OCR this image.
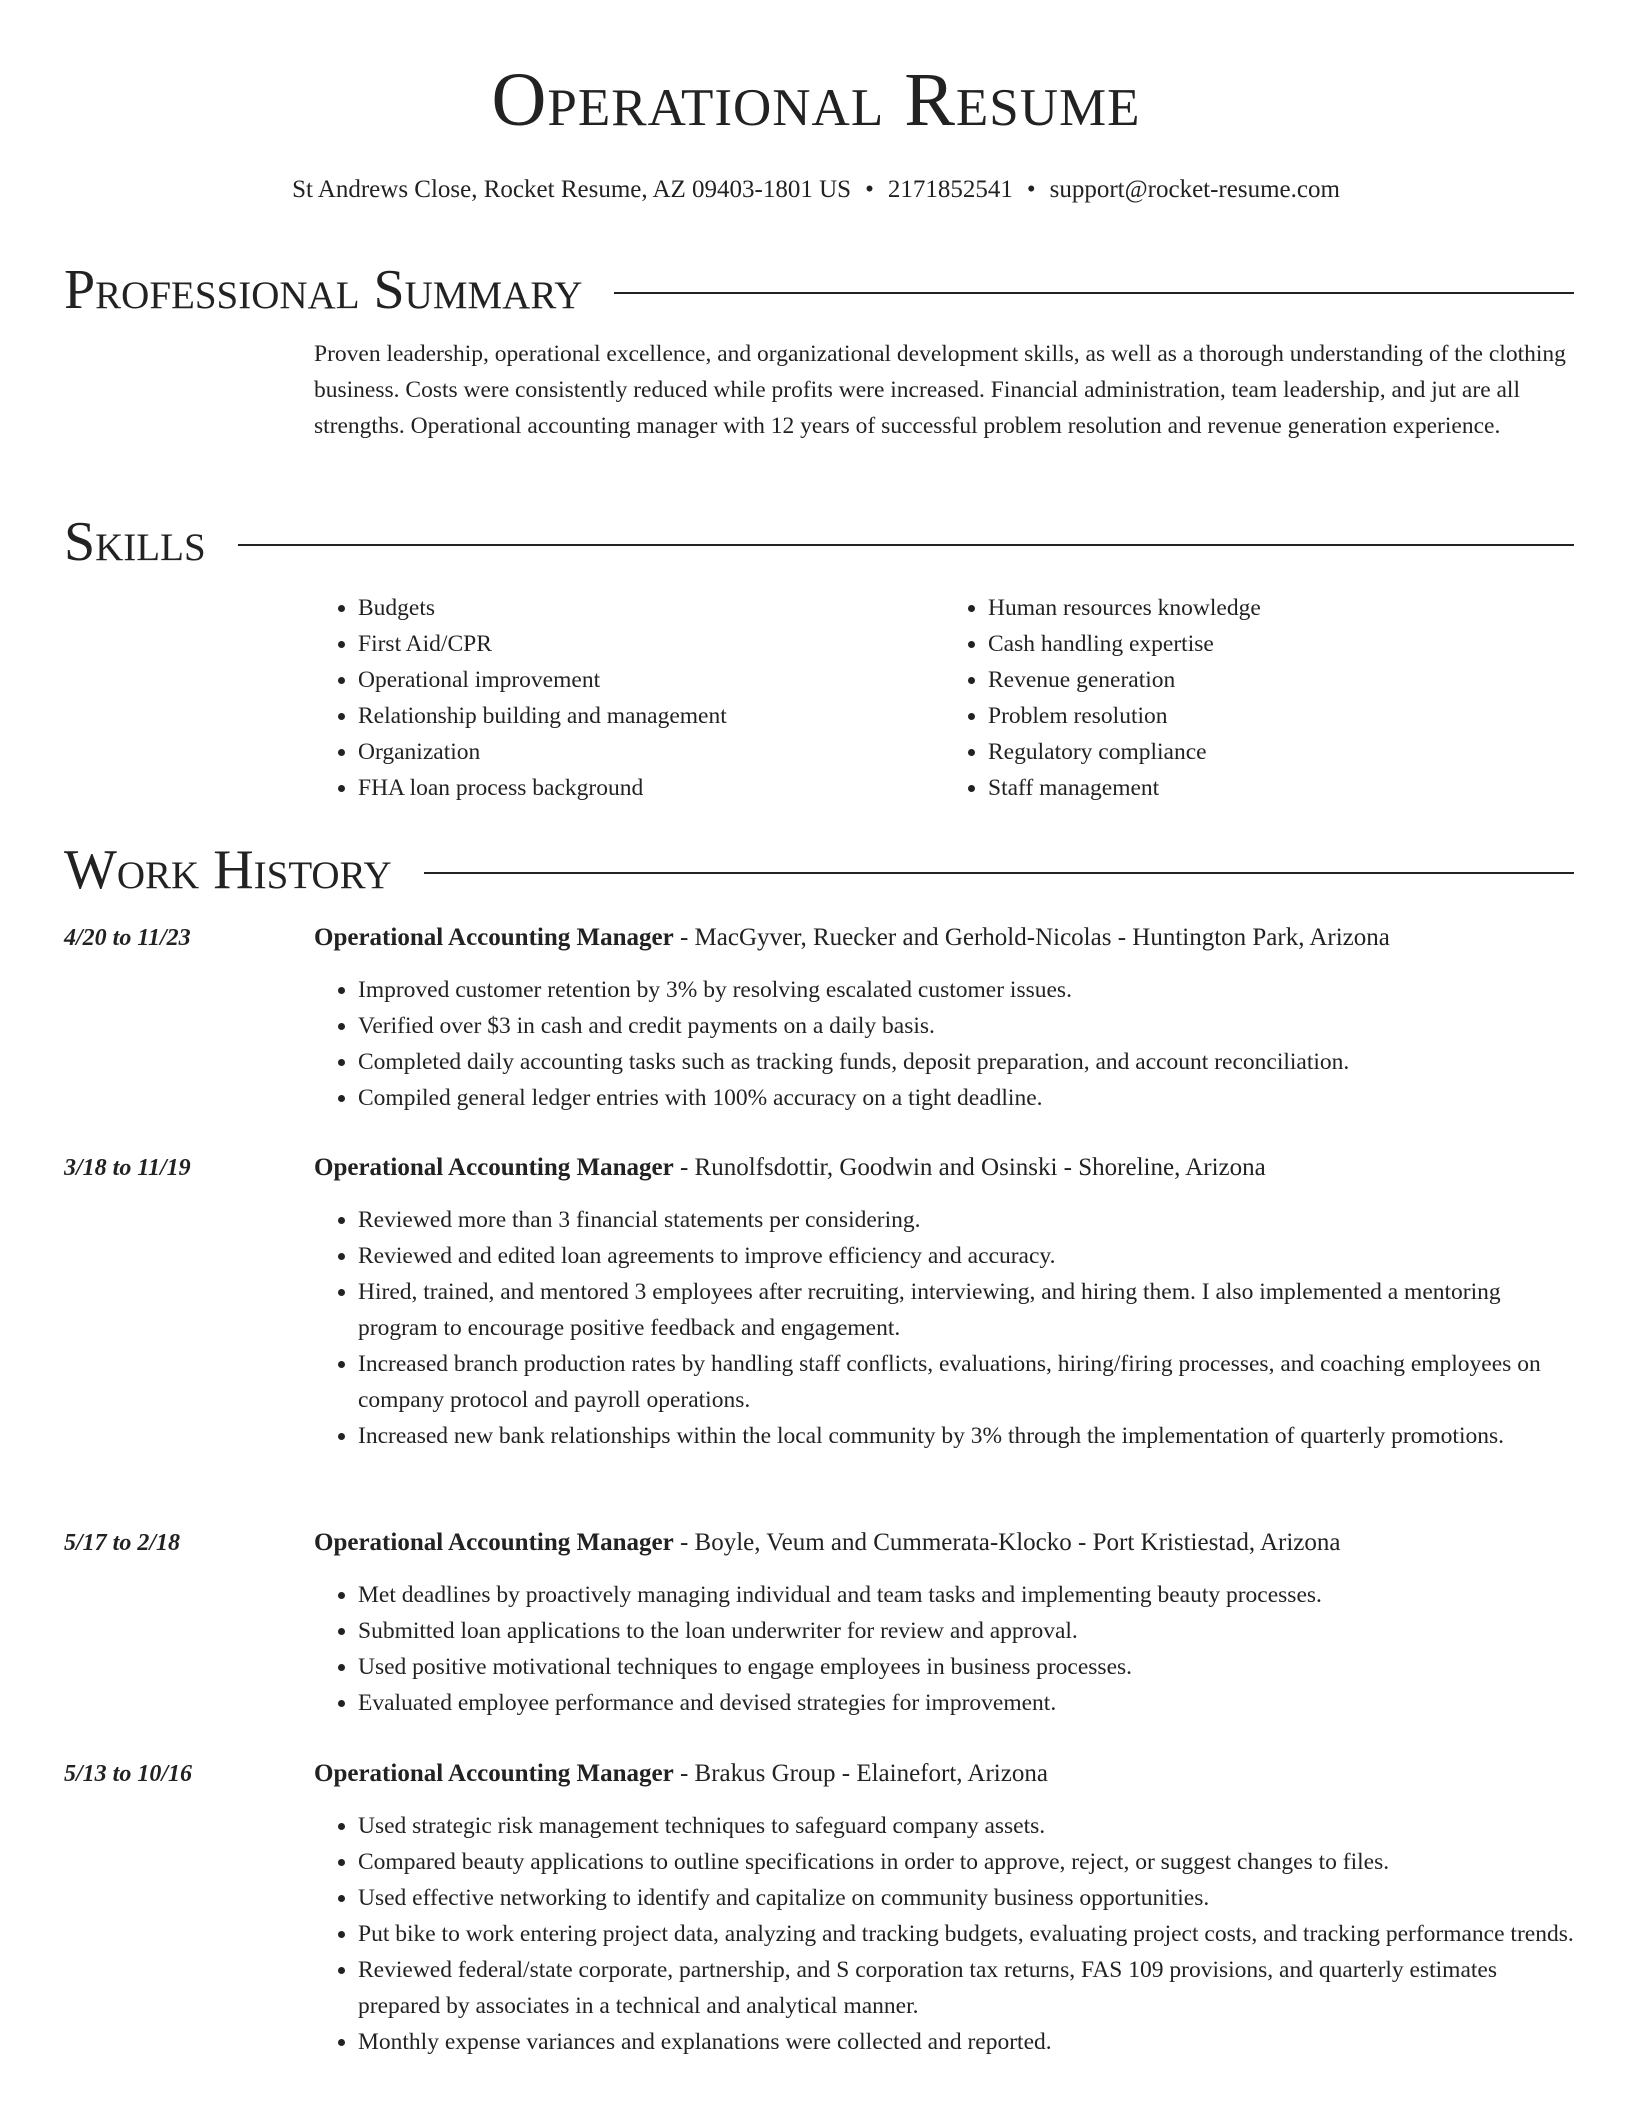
Operational Resume
St Andrews Close, Rocket Resume, AZ 09403-1801 US • 2171852541 • support@rocket-resume.com
Professional Summary

Proven leadership, operational excellence, and organizational development skills, as well as a thorough understanding of the clothing business. Costs were consistently reduced while profits were increased. Financial administration, team leadership, and jut are all strengths. Operational accounting manager with 12 years of successful problem resolution and revenue generation experience.

Skills
• Budgets
• First Aid/CPR
• Operational improvement
• Relationship building and management
• Organization
• FHA loan process background
• Human resources knowledge
• Cash handling expertise
• Revenue generation
• Problem resolution
• Regulatory compliance
• Staff management
Work History
4/20 to 11/23	Operational Accounting Manager - MacGyver, Ruecker and Gerhold-Nicolas - Huntington Park, Arizona
• Improved customer retention by 3% by resolving escalated customer issues.
• Verified over $3 in cash and credit payments on a daily basis.
• Completed daily accounting tasks such as tracking funds, deposit preparation, and account reconciliation.
• Compiled general ledger entries with 100% accuracy on a tight deadline.
3/18 to 11/19	Operational Accounting Manager - Runolfsdottir, Goodwin and Osinski - Shoreline, Arizona
• Reviewed more than 3 financial statements per considering.
• Reviewed and edited loan agreements to improve efficiency and accuracy.
• Hired, trained, and mentored 3 employees after recruiting, interviewing, and hiring them. I also implemented a mentoring program to encourage positive feedback and engagement.
• Increased branch production rates by handling staff conflicts, evaluations, hiring/firing processes, and coaching employees on company protocol and payroll operations.
• Increased new bank relationships within the local community by 3% through the implementation of quarterly promotions.
5/17 to 2/18	Operational Accounting Manager - Boyle, Veum and Cummerata-Klocko - Port Kristiestad, Arizona
• Met deadlines by proactively managing individual and team tasks and implementing beauty processes.
• Submitted loan applications to the loan underwriter for review and approval.
• Used positive motivational techniques to engage employees in business processes.
• Evaluated employee performance and devised strategies for improvement.
5/13 to 10/16	Operational Accounting Manager - Brakus Group - Elainefort, Arizona
• Used strategic risk management techniques to safeguard company assets.
• Compared beauty applications to outline specifications in order to approve, reject, or suggest changes to files.
• Used effective networking to identify and capitalize on community business opportunities.
• Put bike to work entering project data, analyzing and tracking budgets, evaluating project costs, and tracking performance trends.
• Reviewed federal/state corporate, partnership, and S corporation tax returns, FAS 109 provisions, and quarterly estimates prepared by associates in a technical and analytical manner.
• Monthly expense variances and explanations were collected and reported.
